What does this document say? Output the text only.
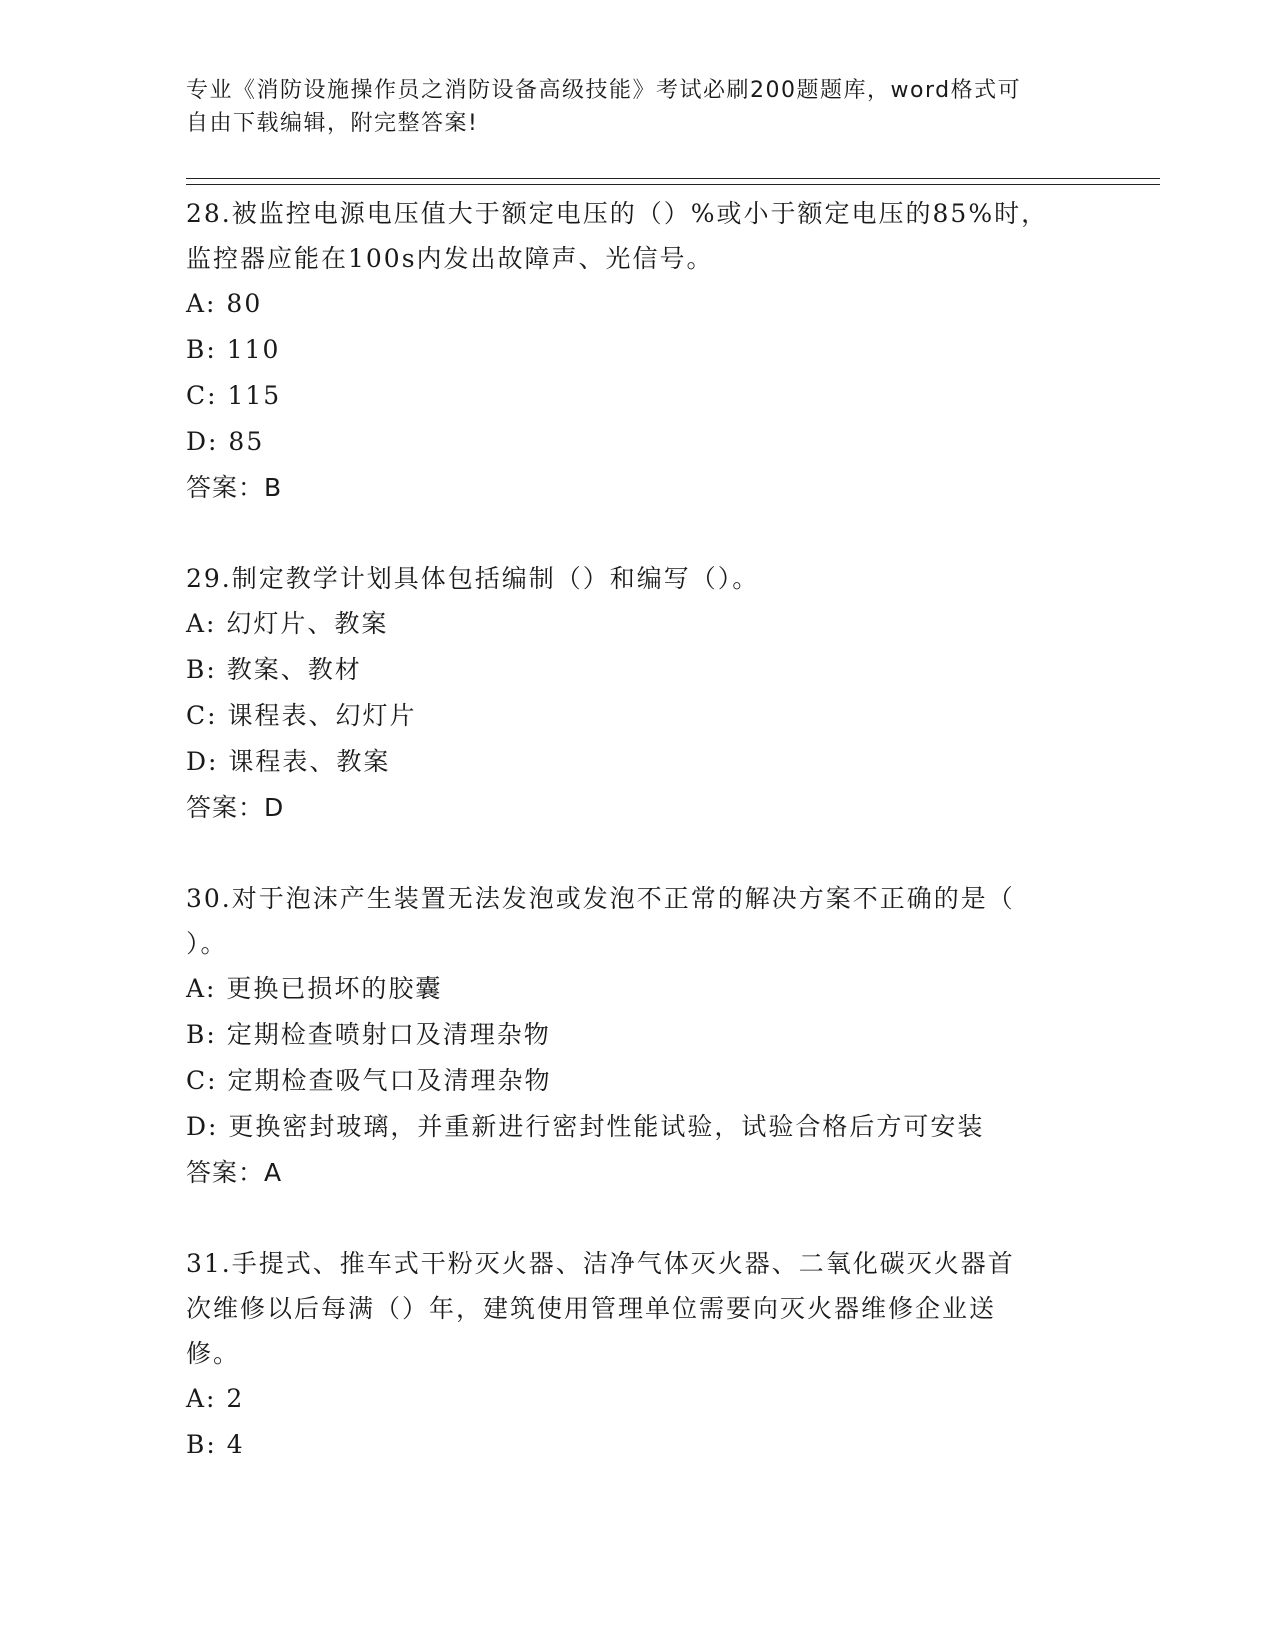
专业《消防设施操作员之消防设备高级技能》考试必刷200题题库，word格式可
自由下载编辑，附完整答案!
28.被监控电源电压值大于额定电压的（）%或小于额定电压的85%时，
监控器应能在100s内发出故障声、光信号。
A: 80
B: 110
C: 115
D: 85
答案：B
29.制定教学计划具体包括编制（）和编写（）。
A: 幻灯片、教案
B: 教案、教材
C: 课程表、幻灯片
D: 课程表、教案
答案：D
30.对于泡沫产生装置无法发泡或发泡不正常的解决方案不正确的是（
）。
A: 更换已损坏的胶囊
B: 定期检查喷射口及清理杂物
C: 定期检查吸气口及清理杂物
D: 更换密封玻璃，并重新进行密封性能试验，试验合格后方可安装
答案：A
31.手提式、推车式干粉灭火器、洁净气体灭火器、二氧化碳灭火器首
次维修以后每满（）年，建筑使用管理单位需要向灭火器维修企业送
修。
A: 2
B: 4
